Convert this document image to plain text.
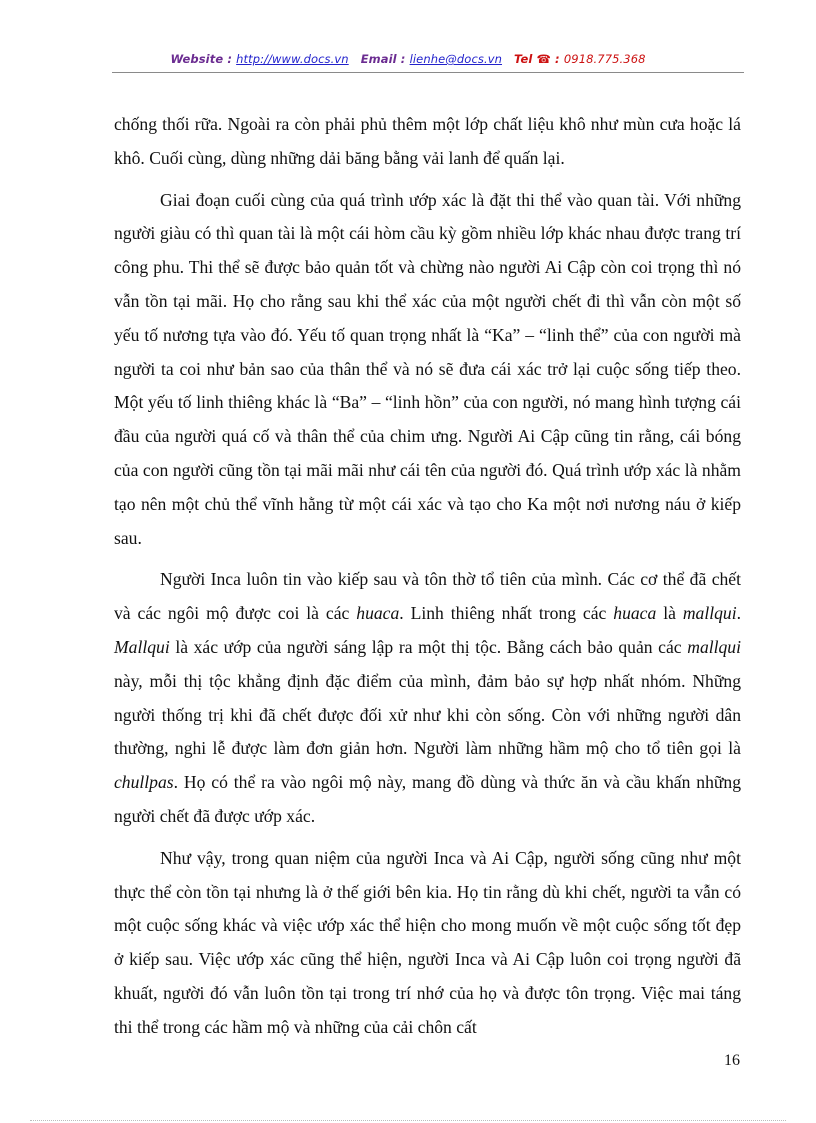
Website : http://www.docs.vn Email : lienhe@docs.vn Tel ☎ : 0918.775.368

chống thối rữa. Ngoài ra còn phải phủ thêm một lớp chất liệu khô như mùn cưa hoặc lá khô. Cuối cùng, dùng những dải băng bằng vải lanh để quấn lại.

Giai đoạn cuối cùng của quá trình ướp xác là đặt thi thể vào quan tài. Với những người giàu có thì quan tài là một cái hòm cầu kỳ gồm nhiều lớp khác nhau được trang trí công phu. Thi thể sẽ được bảo quản tốt và chừng nào người Ai Cập còn coi trọng thì nó vẫn tồn tại mãi. Họ cho rằng sau khi thể xác của một người chết đi thì vẫn còn một số yếu tố nương tựa vào đó. Yếu tố quan trọng nhất là “Ka” – “linh thể” của con người mà người ta coi như bản sao của thân thể và nó sẽ đưa cái xác trở lại cuộc sống tiếp theo. Một yếu tố linh thiêng khác là “Ba” – “linh hồn” của con người, nó mang hình tượng cái đầu của người quá cố và thân thể của chim ưng. Người Ai Cập cũng tin rằng, cái bóng của con người cũng tồn tại mãi mãi như cái tên của người đó. Quá trình ướp xác là nhằm tạo nên một chủ thể vĩnh hằng từ một cái xác và tạo cho Ka một nơi nương náu ở kiếp sau.

Người Inca luôn tin vào kiếp sau và tôn thờ tổ tiên của mình. Các cơ thể đã chết và các ngôi mộ được coi là các huaca. Linh thiêng nhất trong các huaca là mallqui. Mallqui là xác ướp của người sáng lập ra một thị tộc. Bằng cách bảo quản các mallqui này, mỗi thị tộc khẳng định đặc điểm của mình, đảm bảo sự hợp nhất nhóm. Những người thống trị khi đã chết được đối xử như khi còn sống. Còn với những người dân thường, nghi lễ được làm đơn giản hơn. Người làm những hầm mộ cho tổ tiên gọi là chullpas. Họ có thể ra vào ngôi mộ này, mang đồ dùng và thức ăn và cầu khấn những người chết đã được ướp xác.

Như vậy, trong quan niệm của người Inca và Ai Cập, người sống cũng như một thực thể còn tồn tại nhưng là ở thế giới bên kia. Họ tin rằng dù khi chết, người ta vẫn có một cuộc sống khác và việc ướp xác thể hiện cho mong muốn về một cuộc sống tốt đẹp ở kiếp sau. Việc ướp xác cũng thể hiện, người Inca và Ai Cập luôn coi trọng người đã khuất, người đó vẫn luôn tồn tại trong trí nhớ của họ và được tôn trọng. Việc mai táng thi thể trong các hầm mộ và những của cải chôn cất

16
